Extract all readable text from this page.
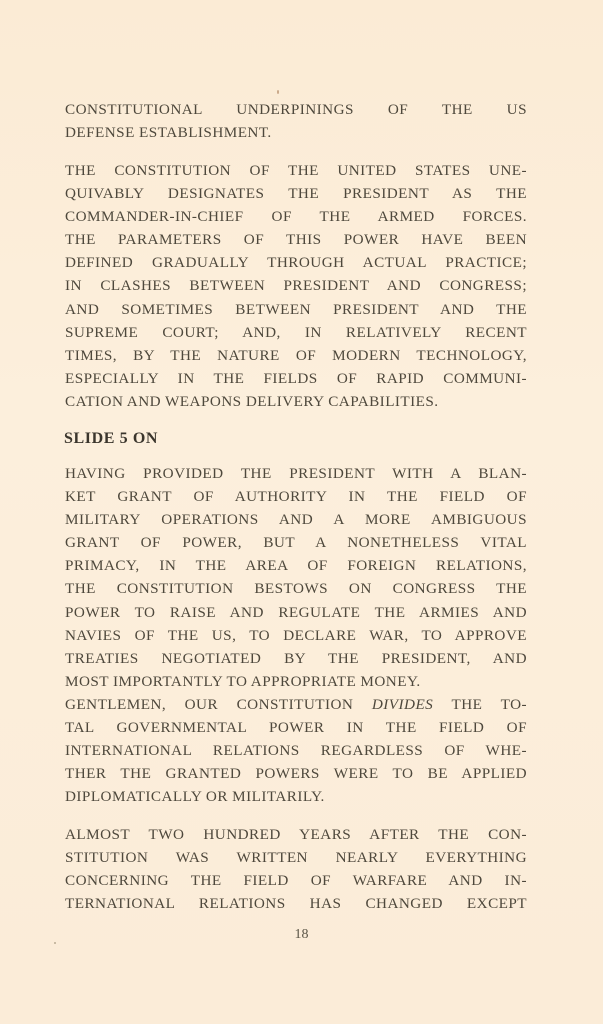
CONSTITUTIONAL UNDERPININGS OF THE US
DEFENSE ESTABLISHMENT.
THE CONSTITUTION OF THE UNITED STATES UNE-
QUIVABLY DESIGNATES THE PRESIDENT AS THE
COMMANDER-IN-CHIEF OF THE ARMED FORCES.
THE PARAMETERS OF THIS POWER HAVE BEEN
DEFINED GRADUALLY THROUGH ACTUAL PRACTICE;
IN CLASHES BETWEEN PRESIDENT AND CONGRESS;
AND SOMETIMES BETWEEN PRESIDENT AND THE
SUPREME COURT; AND, IN RELATIVELY RECENT
TIMES, BY THE NATURE OF MODERN TECHNOLOGY,
ESPECIALLY IN THE FIELDS OF RAPID COMMUNI-
CATION AND WEAPONS DELIVERY CAPABILITIES.
SLIDE 5 ON
HAVING PROVIDED THE PRESIDENT WITH A BLAN-
KET GRANT OF AUTHORITY IN THE FIELD OF
MILITARY OPERATIONS AND A MORE AMBIGUOUS
GRANT OF POWER, BUT A NONETHELESS VITAL
PRIMACY, IN THE AREA OF FOREIGN RELATIONS,
THE CONSTITUTION BESTOWS ON CONGRESS THE
POWER TO RAISE AND REGULATE THE ARMIES AND
NAVIES OF THE US, TO DECLARE WAR, TO APPROVE
TREATIES NEGOTIATED BY THE PRESIDENT, AND
MOST IMPORTANTLY TO APPROPRIATE MONEY.
GENTLEMEN, OUR CONSTITUTION DIVIDES THE TO-
TAL GOVERNMENTAL POWER IN THE FIELD OF
INTERNATIONAL RELATIONS REGARDLESS OF WHE-
THER THE GRANTED POWERS WERE TO BE APPLIED
DIPLOMATICALLY OR MILITARILY.
ALMOST TWO HUNDRED YEARS AFTER THE CON-
STITUTION WAS WRITTEN NEARLY EVERYTHING
CONCERNING THE FIELD OF WARFARE AND IN-
TERNATIONAL RELATIONS HAS CHANGED EXCEPT
18
